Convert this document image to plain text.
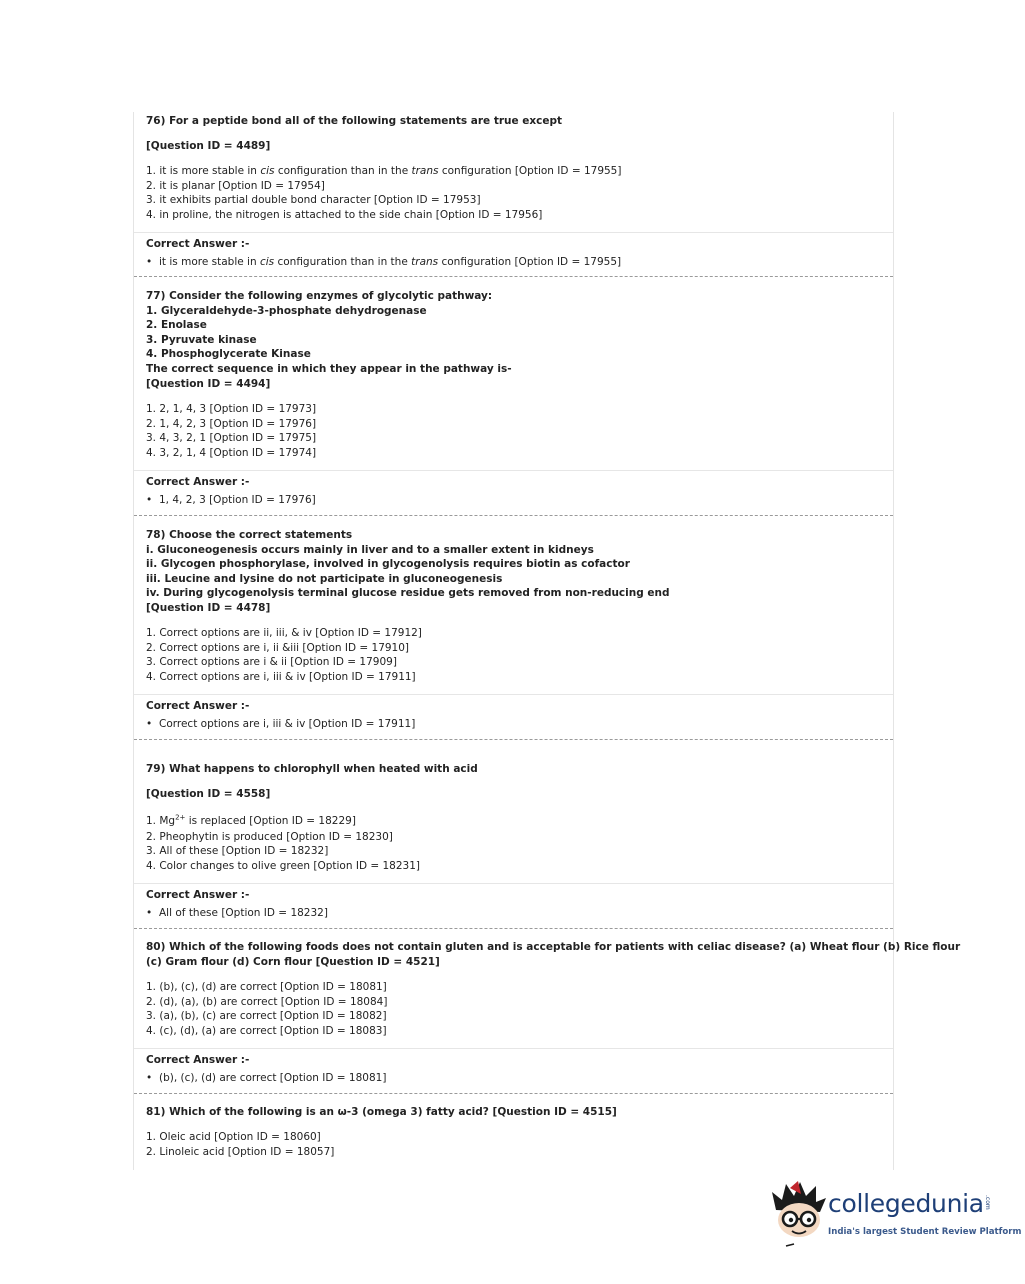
76) For a peptide bond all of the following statements are true except
[Question ID = 4489]
1. it is more stable in cis configuration than in the trans configuration [Option ID = 17955]
2. it is planar [Option ID = 17954]
3. it exhibits partial double bond character [Option ID = 17953]
4. in proline, the nitrogen is attached to the side chain [Option ID = 17956]
Correct Answer :-
• it is more stable in cis configuration than in the trans configuration [Option ID = 17955]
77) Consider the following enzymes of glycolytic pathway:
1. Glyceraldehyde-3-phosphate dehydrogenase
2. Enolase
3. Pyruvate kinase
4. Phosphoglycerate Kinase
The correct sequence in which they appear in the pathway is-
[Question ID = 4494]
1. 2, 1, 4, 3 [Option ID = 17973]
2. 1, 4, 2, 3 [Option ID = 17976]
3. 4, 3, 2, 1 [Option ID = 17975]
4. 3, 2, 1, 4 [Option ID = 17974]
Correct Answer :-
• 1, 4, 2, 3 [Option ID = 17976]
78) Choose the correct statements
i. Gluconeogenesis occurs mainly in liver and to a smaller extent in kidneys
ii. Glycogen phosphorylase, involved in glycogenolysis requires biotin as cofactor
iii. Leucine and lysine do not participate in gluconeogenesis
iv. During glycogenolysis terminal glucose residue gets removed from non-reducing end
[Question ID = 4478]
1. Correct options are ii, iii, & iv [Option ID = 17912]
2. Correct options are i, ii &iii [Option ID = 17910]
3. Correct options are i & ii [Option ID = 17909]
4. Correct options are i, iii & iv [Option ID = 17911]
Correct Answer :-
• Correct options are i, iii & iv [Option ID = 17911]
79) What happens to chlorophyll when heated with acid
[Question ID = 4558]
1. $Mg^{2+}$ is replaced [Option ID = 18229]
2. Pheophytin is produced [Option ID = 18230]
3. All of these [Option ID = 18232]
4. Color changes to olive green [Option ID = 18231]
Correct Answer :-
• All of these [Option ID = 18232]
80) Which of the following foods does not contain gluten and is acceptable for patients with celiac disease? (a) Wheat flour (b) Rice flour
(c) Gram flour (d) Corn flour [Question ID = 4521]
1. (b), (c), (d) are correct [Option ID = 18081]
2. (d), (a), (b) are correct [Option ID = 18084]
3. (a), (b), (c) are correct [Option ID = 18082]
4. (c), (d), (a) are correct [Option ID = 18083]
Correct Answer :-
• (b), (c), (d) are correct [Option ID = 18081]
81) Which of the following is an ω-3 (omega 3) fatty acid? [Question ID = 4515]
1. Oleic acid [Option ID = 18060]
2. Linoleic acid [Option ID = 18057]
collegedunia .com
India's largest Student Review Platform
